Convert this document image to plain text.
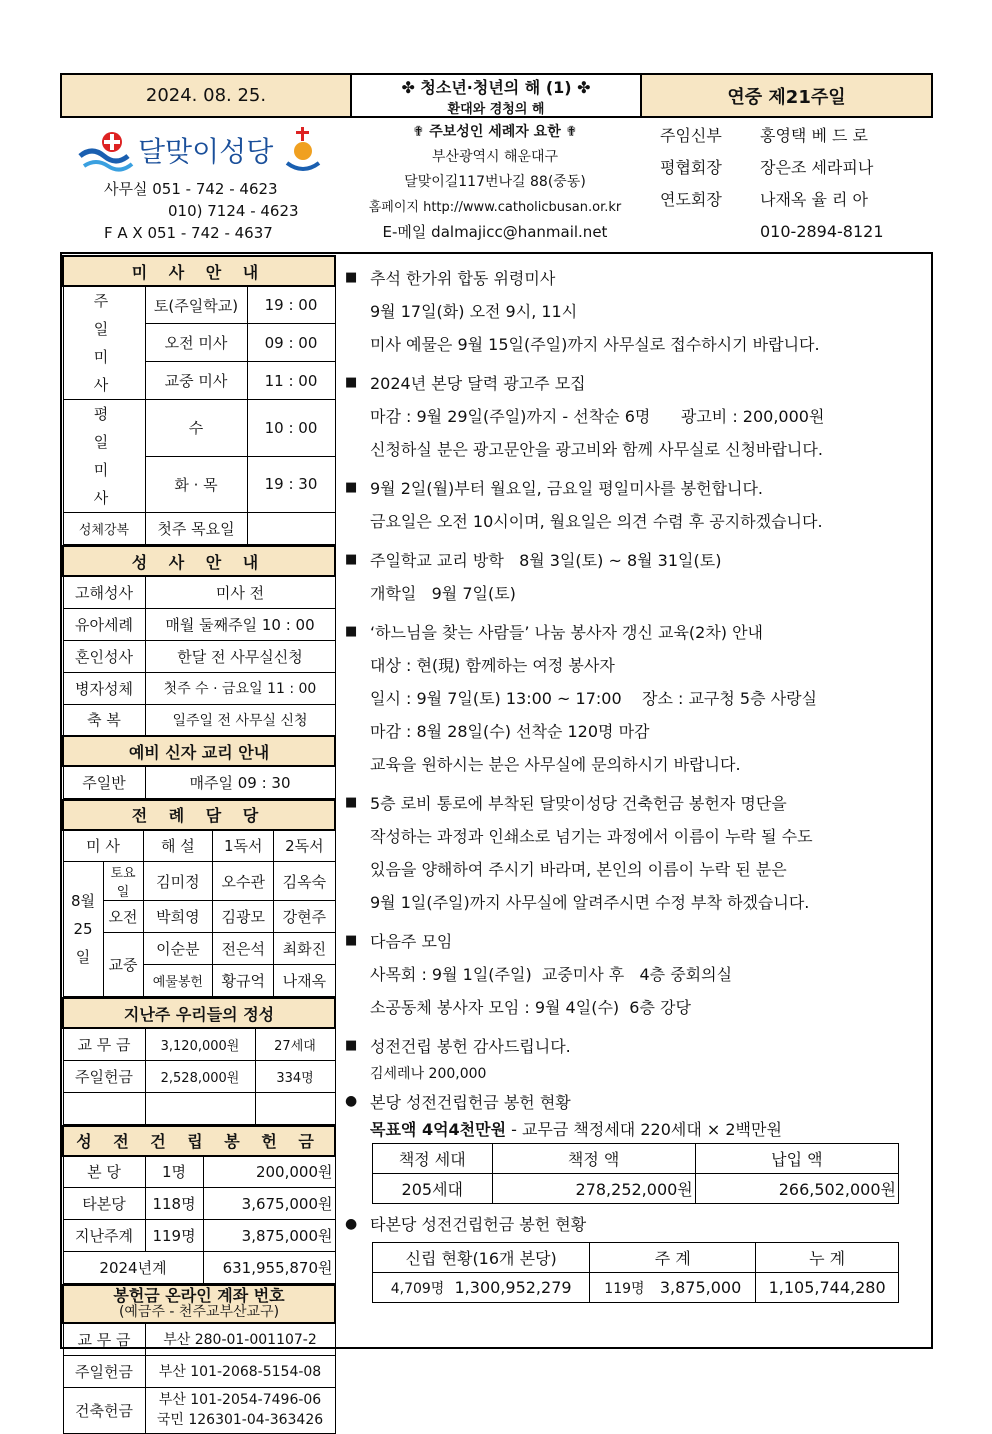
2024. 08. 25.	✤ 청소년·청년의 해 (1) ✤
환대와 경청의 해
연중 제21주일
달맞이성당
사무실 051 - 742 - 4623
010) 7124 - 4623
F A X 051 - 742 - 4637
✟ 주보성인 세례자 요한 ✟
부산광역시 해운대구
달맞이길117번나길 88(중동)
홈페이지 http://www.catholicbusan.or.kr
E-메일 dalmajicc@hanmail.net
주임신부	홍영택 베 드 로
평협회장	장은조 세라피나
연도회장	나재옥 율 리 아
010-2894-8121
미 사 안 내		
주 일 미 사	토(주일학교)	19 : 00
	오전 미사	09 : 00
	교중 미사	11 : 00
평 일 미 사	수	10 : 00
	화 · 목	19 : 30
성체강복	첫주 목요일	
성 사 안 내	
고해성사	미사 전
유아세례	매월 둘째주일 10 : 00
혼인성사	한달 전 사무실신청
병자성체	첫주 수 · 금요일 11 : 00
축 복	일주일 전 사무실 신청
예비 신자 교리 안내	
주일반	매주일 09 : 30
전 례 담 당				
미 사		해 설	1독서	2독서
8월 25일	토요일	김미정	오수관	김옥숙
	오전	박희영	김광모	강현주
	교중	이순분	전은석	최화진
		예물봉헌	황규억	나재옥
지난주 우리들의 정성		
교 무 금	3,120,000원	27세대
주일헌금	2,528,000원	334명

성 전 건 립 봉 헌 금		
본 당	1명	200,000원
타본당	118명	3,675,000원
지난주계	119명	3,875,000원
2024년계		631,955,870원
봉헌금 온라인 계좌 번호
(예금주 - 천주교부산교구)	

교 무 금	부산 280-01-001107-2
주일헌금	부산 101-2068-5154-08
건축헌금	부산 101-2054-7496-06
국민 126301-04-363426
■ 추석 한가위 합동 위령미사
9월 17일(화) 오전 9시, 11시
미사 예물은 9월 15일(주일)까지 사무실로 접수하시기 바랍니다.
■ 2024년 본당 달력 광고주 모집
마감 : 9월 29일(주일)까지 - 선착순 6명      광고비 : 200,000원
신청하실 분은 광고문안을 광고비와 함께 사무실로 신청바랍니다.
■ 9월 2일(월)부터 월요일, 금요일 평일미사를 봉헌합니다.
금요일은 오전 10시이며, 월요일은 의견 수렴 후 공지하겠습니다.
■ 주일학교 교리 방학   8월 3일(토) ~ 8월 31일(토)
개학일   9월 7일(토)
■ ‘하느님을 찾는 사람들’ 나눔 봉사자 갱신 교육(2차) 안내
대상 : 현(現) 함께하는 여정 봉사자
일시 : 9월 7일(토) 13:00 ~ 17:00    장소 : 교구청 5층 사랑실
마감 : 8월 28일(수) 선착순 120명 마감
교육을 원하시는 분은 사무실에 문의하시기 바랍니다.
■ 5층 로비 통로에 부착된 달맞이성당 건축헌금 봉헌자 명단을
작성하는 과정과 인쇄소로 넘기는 과정에서 이름이 누락 될 수도
있음을 양해하여 주시기 바라며, 본인의 이름이 누락 된 분은
9월 1일(주일)까지 사무실에 알려주시면 수정 부착 하겠습니다.
■ 다음주 모임
사목회 : 9월 1일(주일)  교중미사 후   4층 중회의실
소공동체 봉사자 모임 : 9월 4일(수)  6층 강당
■ 성전건립 봉헌 감사드립니다.
김세레나 200,000
● 본당 성전건립헌금 봉헌 현황
목표액 4억4천만원 - 교무금 책정세대 220세대 × 2백만원
책정 세대	책정 액	납입 액
205세대	278,252,000원	266,502,000원
● 타본당 성전건립헌금 봉헌 현황
신립 현황(16개 본당)	주 계	누 계
4,709명 1,300,952,279	119명 3,875,000	1,105,744,280
